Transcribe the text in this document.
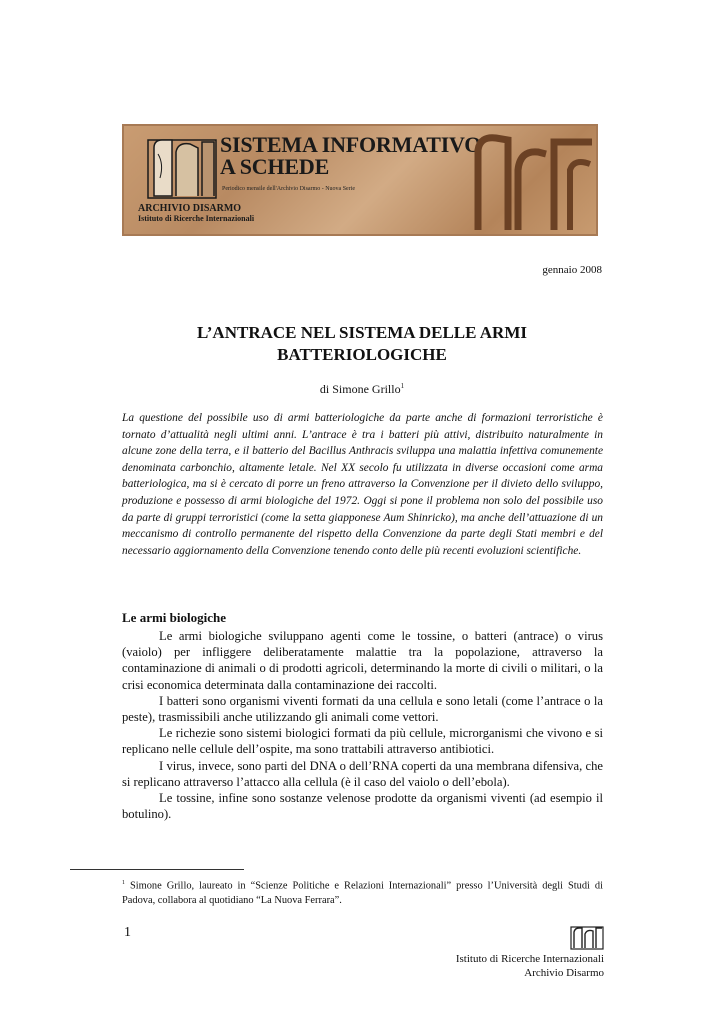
SISTEMA INFORMATIVO
A SCHEDE
Periodico mensile dell'Archivio Disarmo - Nuova Serie
ARCHIVIO DISARMO
Istituto di Ricerche Internazionali
gennaio 2008
L’ANTRACE NEL SISTEMA DELLE ARMI
BATTERIOLOGICHE
di Simone Grillo$^1$

La questione del possibile uso di armi batteriologiche da parte anche di formazioni terroristiche è tornato d’attualità negli ultimi anni. L’antrace è tra i batteri più attivi, distribuito naturalmente in alcune zone della terra, e il batterio del Bacillus Anthracis sviluppa una malattia infettiva comunemente denominata carbonchio, altamente letale. Nel XX secolo fu utilizzata in diverse occasioni come arma batteriologica, ma si è cercato di porre un freno attraverso la Convenzione per il divieto dello sviluppo, produzione e possesso di armi biologiche del 1972. Oggi si pone il problema non solo del possibile uso da parte di gruppi terroristici (come la setta giapponese Aum Shinricko), ma anche dell’attuazione di un meccanismo di controllo permanente del rispetto della Convenzione da parte degli Stati membri e del necessario aggiornamento della Convenzione tenendo conto delle più recenti evoluzioni scientifiche.

Le armi biologiche

Le armi biologiche sviluppano agenti come le tossine, o batteri (antrace) o virus (vaiolo) per infliggere deliberatamente malattie tra la popolazione, attraverso la contaminazione di animali o di prodotti agricoli, determinando la morte di civili o militari, o la crisi economica determinata dalla contaminazione dei raccolti.

I batteri sono organismi viventi formati da una cellula e sono letali (come l’antrace o la peste), trasmissibili anche utilizzando gli animali come vettori.

Le richezie sono sistemi biologici formati da più cellule, microrganismi che vivono e si replicano nelle cellule dell’ospite, ma sono trattabili attraverso antibiotici.

I virus, invece, sono parti del DNA o dell’RNA coperti da una membrana difensiva, che si replicano attraverso l’attacco alla cellula (è il caso del vaiolo o dell’ebola).

Le tossine, infine sono sostanze velenose prodotte da organismi viventi (ad esempio il botulino).

$^1$ Simone Grillo, laureato in “Scienze Politiche e Relazioni Internazionali” presso l’Università degli Studi di Padova, collabora al quotidiano “La Nuova Ferrara”.

1
Istituto di Ricerche Internazionali
Archivio Disarmo
